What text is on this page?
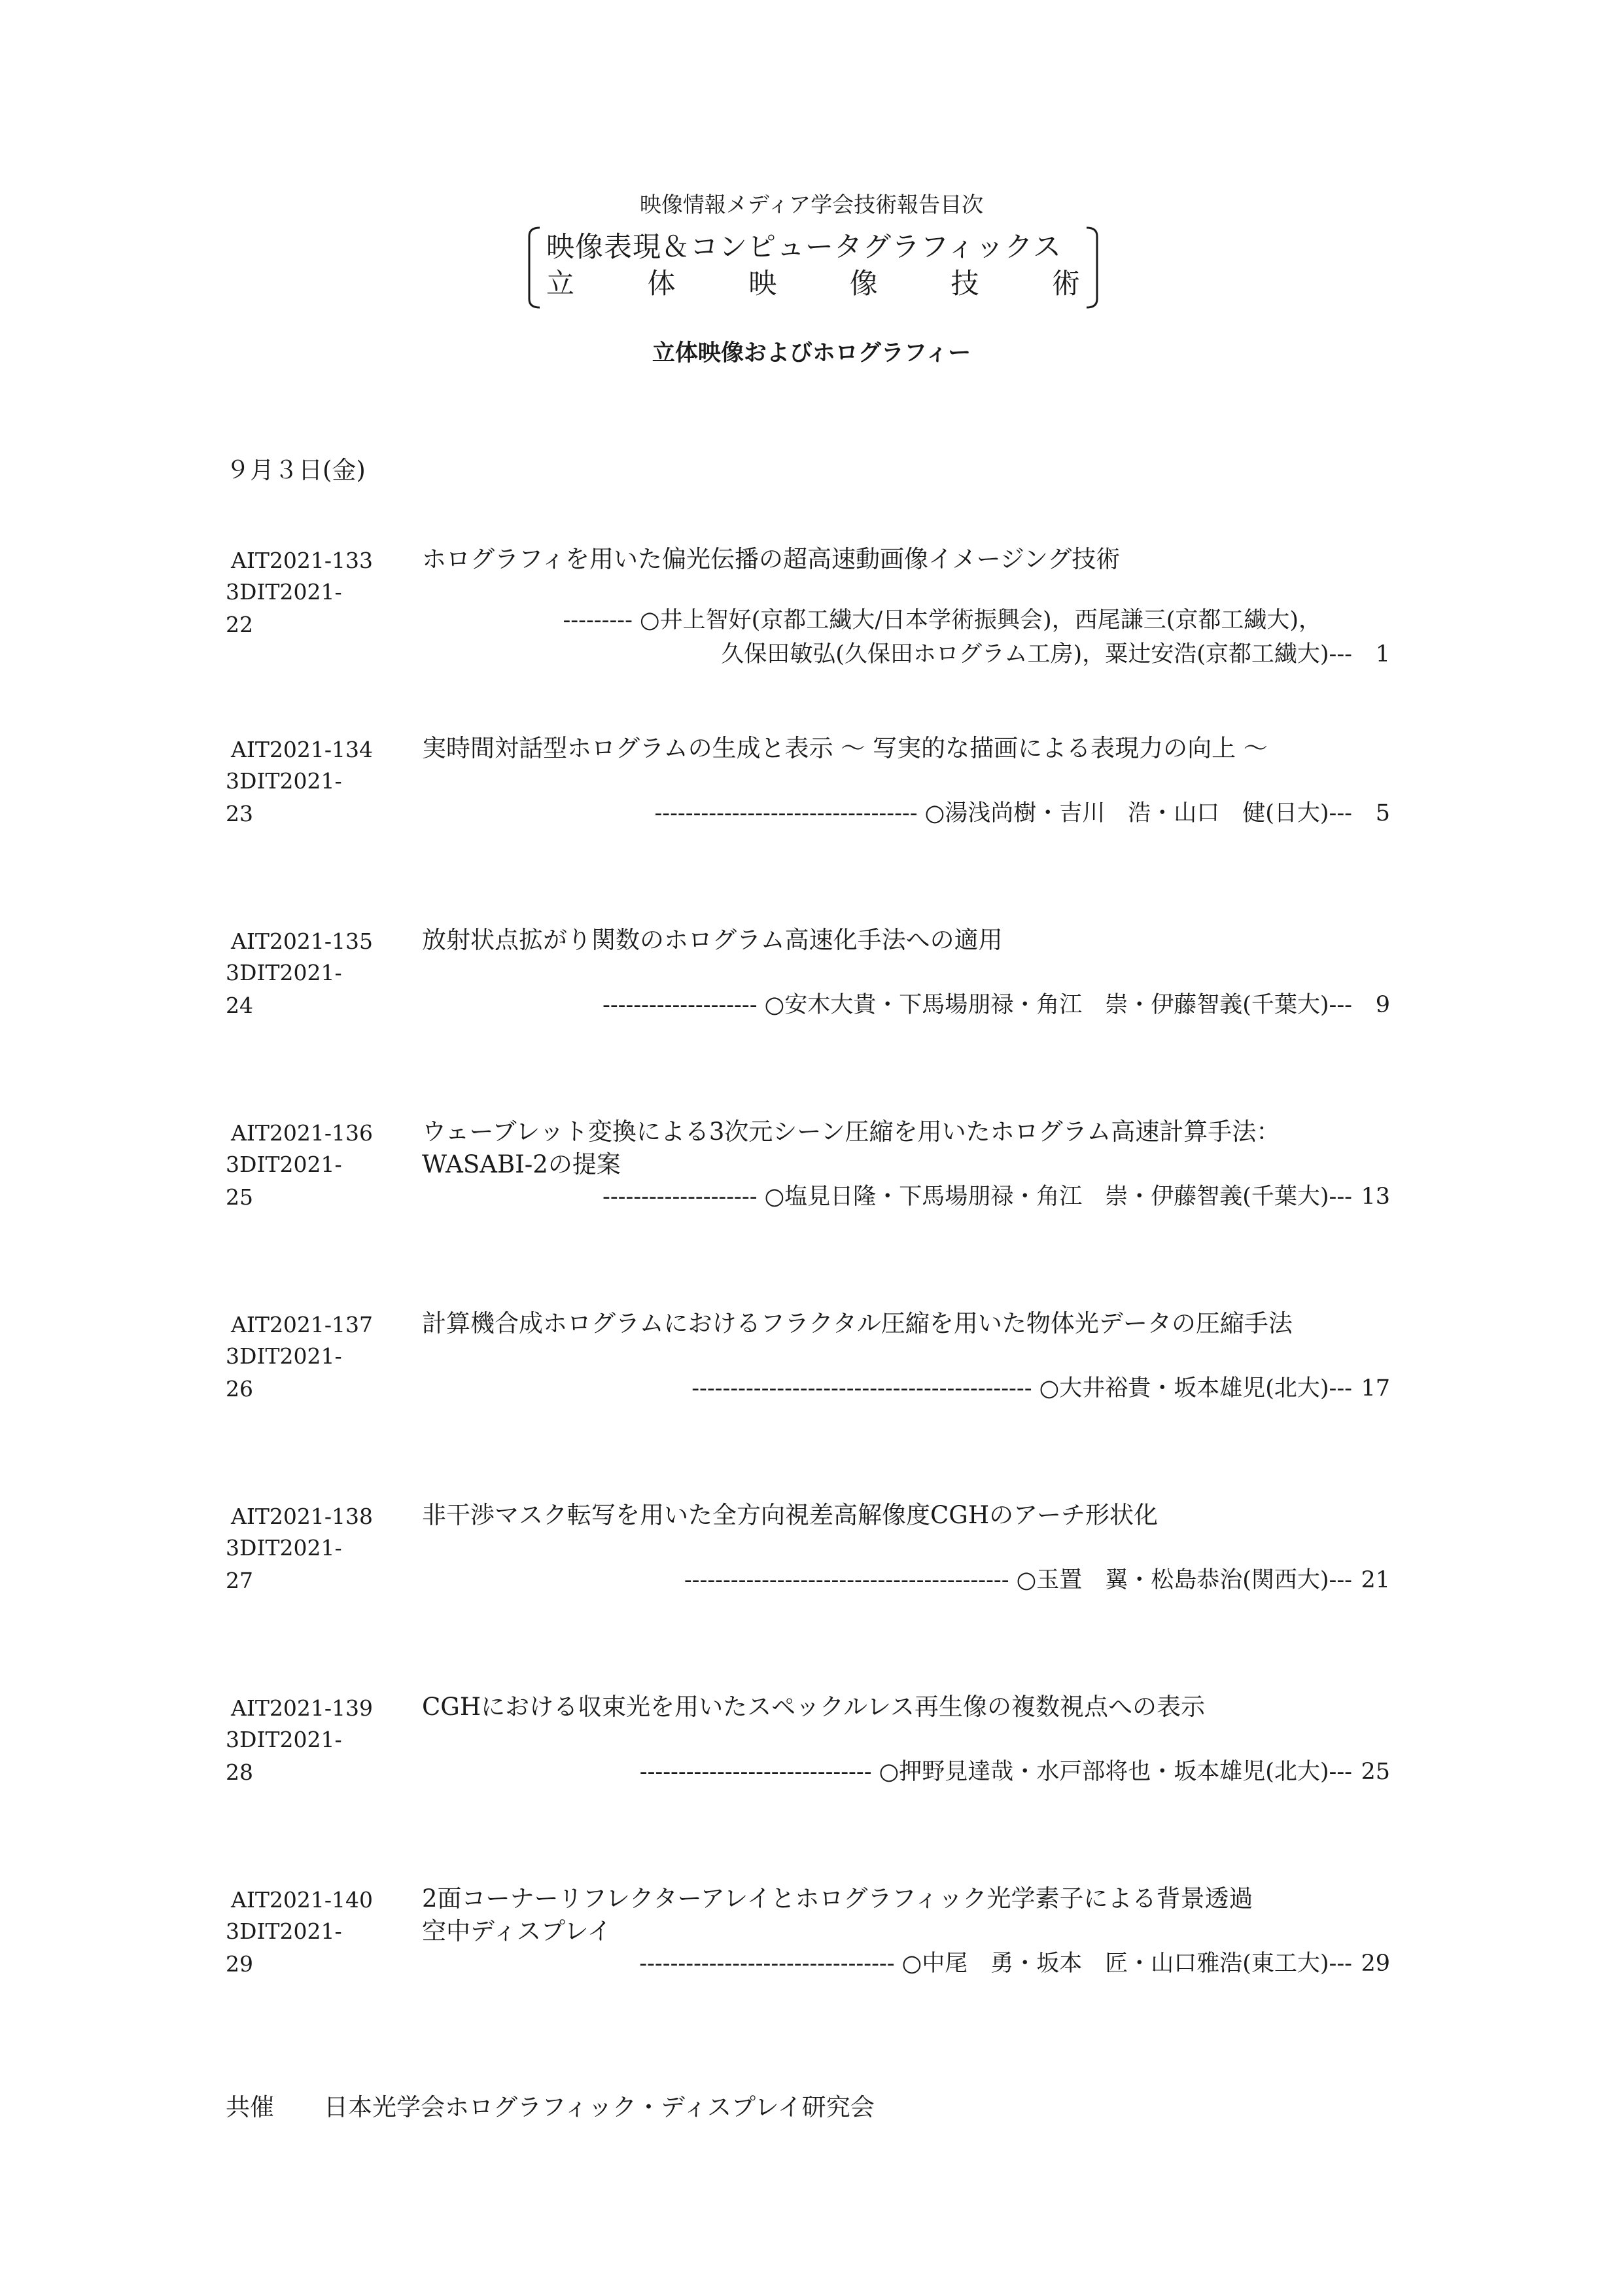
映像情報メディア学会技術報告目次
映像表現＆コンピュータグラフィックス
立	体	映	像	技	術
立体映像およびホログラフィー
９月３日(金)
AIT2021-133
3DIT2021- 22
ホログラフィを用いた偏光伝播の超高速動画像イメージング技術
--------- ○井上智好(京都工繊大/日本学術振興会)，西尾謙三(京都工繊大)，
久保田敏弘(久保田ホログラム工房)，粟辻安浩(京都工繊大)--- 1
AIT2021-134
3DIT2021- 23
実時間対話型ホログラムの生成と表示 ～ 写実的な描画による表現力の向上 ～
---------------------------------- ○湯浅尚樹・吉川　浩・山口　健(日大)--- 5
AIT2021-135
3DIT2021- 24
放射状点拡がり関数のホログラム高速化手法への適用
-------------------- ○安木大貴・下馬場朋禄・角江　崇・伊藤智義(千葉大)--- 9
AIT2021-136
3DIT2021- 25
ウェーブレット変換による3次元シーン圧縮を用いたホログラム高速計算手法：
WASABI-2の提案
-------------------- ○塩見日隆・下馬場朋禄・角江　崇・伊藤智義(千葉大)--- 13
AIT2021-137
3DIT2021- 26
計算機合成ホログラムにおけるフラクタル圧縮を用いた物体光データの圧縮手法
-------------------------------------------- ○大井裕貴・坂本雄児(北大)--- 17
AIT2021-138
3DIT2021- 27
非干渉マスク転写を用いた全方向視差高解像度CGHのアーチ形状化
------------------------------------------ ○玉置　翼・松島恭治(関西大)--- 21
AIT2021-139
3DIT2021- 28
CGHにおける収束光を用いたスペックルレス再生像の複数視点への表示
------------------------------ ○押野見達哉・水戸部将也・坂本雄児(北大)--- 25
AIT2021-140
3DIT2021- 29
2面コーナーリフレクターアレイとホログラフィック光学素子による背景透過
空中ディスプレイ
--------------------------------- ○中尾　勇・坂本　匠・山口雅浩(東工大)--- 29
共催 日本光学会ホログラフィック・ディスプレイ研究会
